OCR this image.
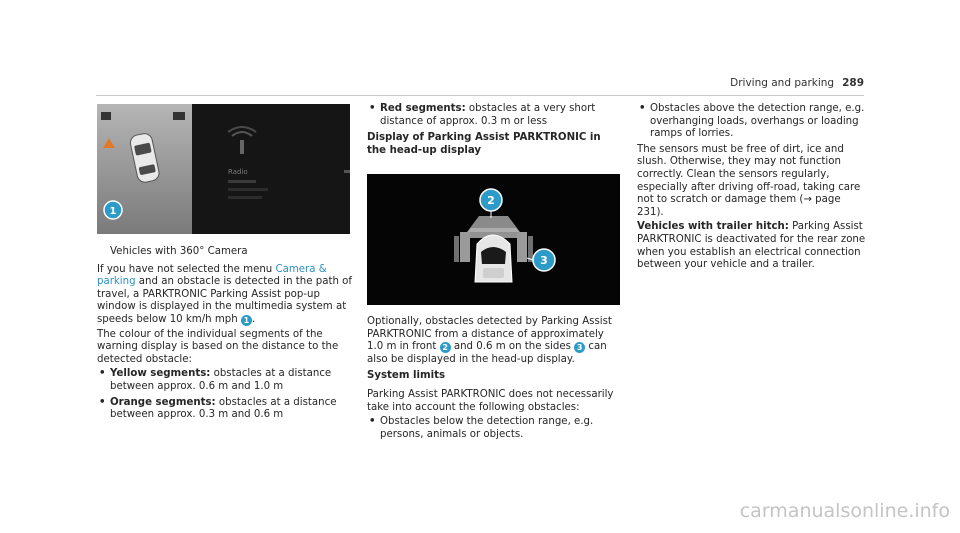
Driving and parking 289
Radio
1

Vehicles with 360° Camera

If you have not selected the menu Camera & parking and an obstacle is detected in the path of travel, a PARKTRONIC Parking Assist pop-up window is displayed in the multimedia system at speeds below 10 km/h mph 1 .

The colour of the individual segments of the warning display is based on the distance to the detected obstacle:

• Yellow segments: obstacles at a distance between approx. 0.6 m and 1.0 m
• Orange segments: obstacles at a distance between approx. 0.3 m and 0.6 m
• Red segments: obstacles at a very short distance of approx. 0.3 m or less
Display of Parking Assist PARKTRONIC in the head-up display
2
3

Optionally, obstacles detected by Parking Assist PARKTRONIC from a distance of approximately 1.0 m in front 2 and 0.6 m on the sides 3 can also be displayed in the head-up display.

System limits

Parking Assist PARKTRONIC does not necessarily take into account the following obstacles:

• Obstacles below the detection range, e.g. persons, animals or objects.
• Obstacles above the detection range, e.g. overhanging loads, overhangs or loading ramps of lorries.

The sensors must be free of dirt, ice and slush. Otherwise, they may not function correctly. Clean the sensors regularly, especially after driving off-road, taking care not to scratch or damage them (→ page 231).

Vehicles with trailer hitch: Parking Assist PARKTRONIC is deactivated for the rear zone when you establish an electrical connection between your vehicle and a trailer.

carmanualsonline.info
